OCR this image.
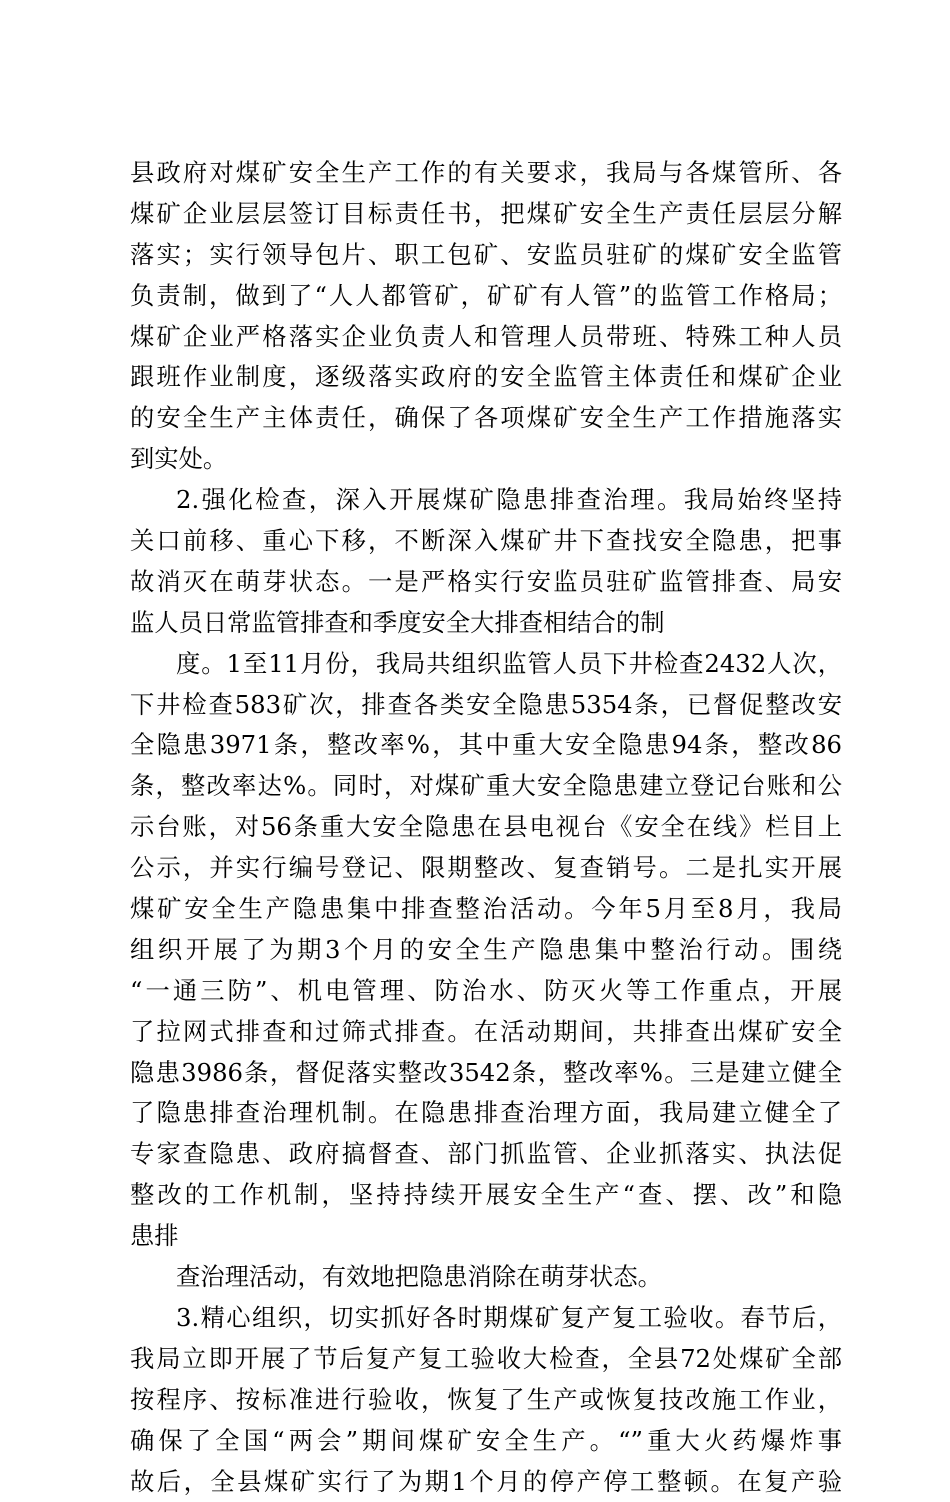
县政府对煤矿安全生产工作的有关要求，我局与各煤管所、各
煤矿企业层层签订目标责任书，把煤矿安全生产责任层层分解
落实；实行领导包片、职工包矿、安监员驻矿的煤矿安全监管
负责制，做到了“人人都管矿，矿矿有人管”的监管工作格局；
煤矿企业严格落实企业负责人和管理人员带班、特殊工种人员
跟班作业制度，逐级落实政府的安全监管主体责任和煤矿企业
的安全生产主体责任，确保了各项煤矿安全生产工作措施落实
到实处。
2.强化检查，深入开展煤矿隐患排查治理。我局始终坚持
关口前移、重心下移，不断深入煤矿井下查找安全隐患，把事
故消灭在萌芽状态。一是严格实行安监员驻矿监管排查、局安
监人员日常监管排查和季度安全大排查相结合的制
度。1至11月份，我局共组织监管人员下井检查2432人次，
下井检查583矿次，排查各类安全隐患5354条，已督促整改安
全隐患3971条，整改率%，其中重大安全隐患94条，整改86
条，整改率达%。同时，对煤矿重大安全隐患建立登记台账和公
示台账，对56条重大安全隐患在县电视台《安全在线》栏目上
公示，并实行编号登记、限期整改、复查销号。二是扎实开展
煤矿安全生产隐患集中排查整治活动。今年5月至8月，我局
组织开展了为期3个月的安全生产隐患集中整治行动。围绕
“一通三防”、机电管理、防治水、防灭火等工作重点，开展
了拉网式排查和过筛式排查。在活动期间，共排查出煤矿安全
隐患3986条，督促落实整改3542条，整改率%。三是建立健全
了隐患排查治理机制。在隐患排查治理方面，我局建立健全了
专家查隐患、政府搞督查、部门抓监管、企业抓落实、执法促
整改的工作机制，坚持持续开展安全生产“查、摆、改”和隐
患排
查治理活动，有效地把隐患消除在萌芽状态。
3.精心组织，切实抓好各时期煤矿复产复工验收。春节后，
我局立即开展了节后复产复工验收大检查，全县72处煤矿全部
按程序、按标准进行验收，恢复了生产或恢复技改施工作业，
确保了全国“两会”期间煤矿安全生产。“”重大火药爆炸事
故后，全县煤矿实行了为期1个月的停产停工整顿。在复产验
